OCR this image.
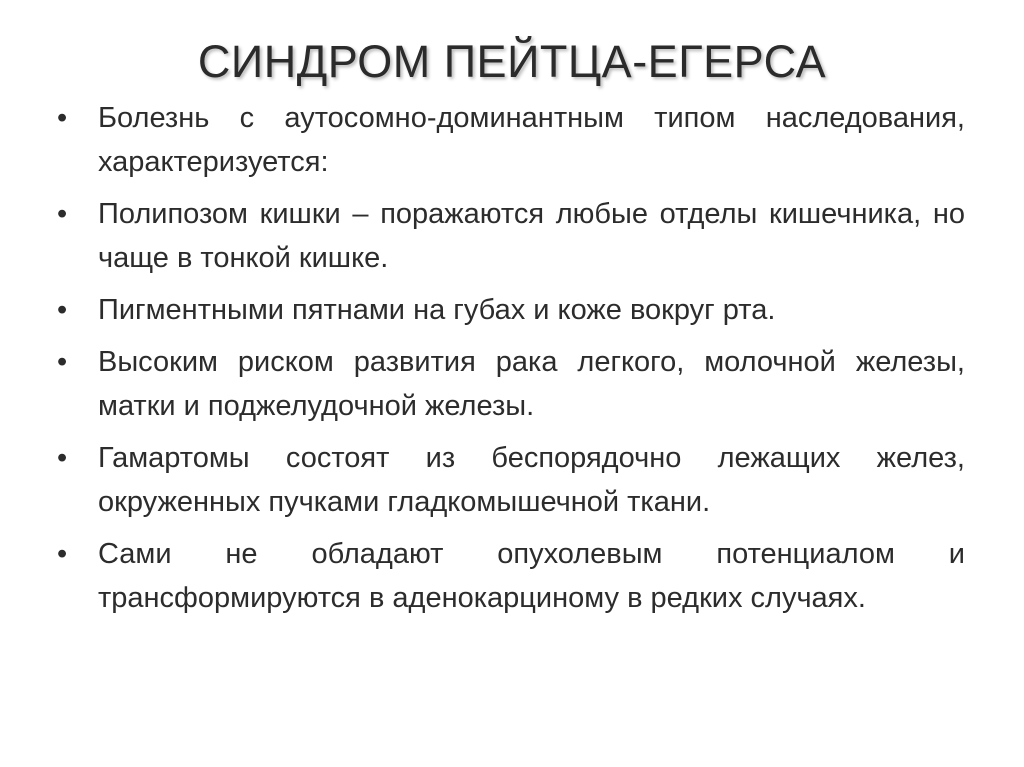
СИНДРОМ ПЕЙТЦА-ЕГЕРСА
• Болезнь с аутосомно-доминантным типом наследования, характеризуется:
• Полипозом кишки – поражаются любые отделы кишечника, но чаще в тонкой кишке.
• Пигментными пятнами на губах и коже вокруг рта.
• Высоким риском развития рака легкого, молочной железы, матки и поджелудочной железы.
• Гамартомы состоят из беспорядочно лежащих желез, окруженных пучками гладкомышечной ткани.
• Сами не обладают опухолевым потенциалом и трансформируются в аденокарциному в редких случаях.
